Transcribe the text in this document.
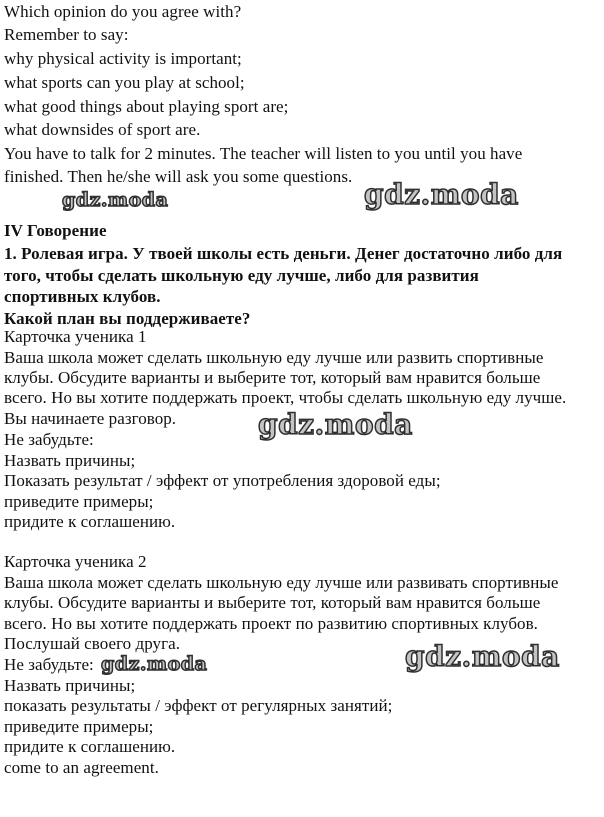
Which opinion do you agree with?
Remember to say:
why physical activity is important;
what sports can you play at school;
what good things about playing sport are;
what downsides of sport are.
You have to talk for 2 minutes. The teacher will listen to you until you have
finished. Then he/she will ask you some questions.
IV Говорение
1. Ролевая игра. У твоей школы есть деньги. Денег достаточно либо для
того, чтобы сделать школьную еду лучше, либо для развития
спортивных клубов.
Какой план вы поддерживаете?
Карточка ученика 1
Ваша школа может сделать школьную еду лучше или развить спортивные
клубы. Обсудите варианты и выберите тот, который вам нравится больше
всего. Но вы хотите поддержать проект, чтобы сделать школьную еду лучше.
Вы начинаете разговор.
Не забудьте:
Назвать причины;
Показать результат / эффект от употребления здоровой еды;
приведите примеры;
придите к соглашению.
Карточка ученика 2
Ваша школа может сделать школьную еду лучше или развивать спортивные
клубы. Обсудите варианты и выберите тот, который вам нравится больше
всего. Но вы хотите поддержать проект по развитию спортивных клубов.
Послушай своего друга.
Не забудьте:
Назвать причины;
показать результаты / эффект от регулярных занятий;
приведите примеры;
придите к соглашению.
come to an agreement.
gdz.moda	gdz.moda
gdz.moda
gdz.moda	gdz.moda
